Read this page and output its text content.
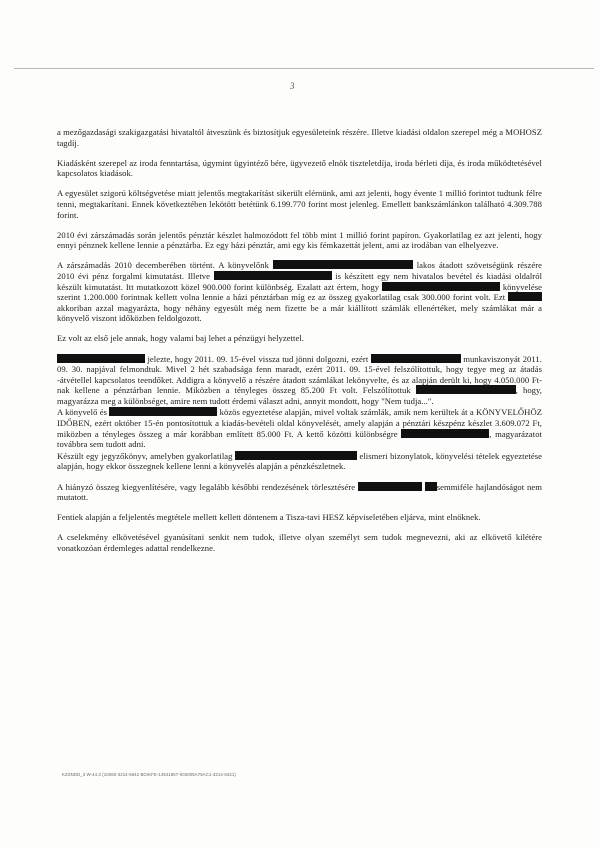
3

a mezőgazdasági szakigazgatási hivataltól átveszünk és biztosítjuk egyesületeink részére. Illetve kiadási oldalon szerepel még a MOHOSZ tagdíj.

Kiadásként szerepel az iroda fenntartása, úgymint ügyintéző bére, ügyvezető elnök tiszteletdíja, iroda bérleti díja, és iroda működtetésével kapcsolatos kiadások.

A egyesület szigorú költségvetése miatt jelentős megtakarítást sikerült elérnünk, ami azt jelenti, hogy évente 1 millió forintot tudtunk félre tenni, megtakarítani. Ennek következtében lekötött betétünk 6.199.770 forint most jelenleg. Emellett bankszámlánkon található 4.309.788 forint.

2010 évi zárszámadás során jelentős pénztár készlet halmozódott fel több mint 1 millió forint papíron. Gyakorlatilag ez azt jelenti, hogy ennyi pénznek kellene lennie a pénztárba. Ez egy házi pénztár, ami egy kis fémkazettát jelent, ami az irodában van elhelyezve.

A zárszámadás 2010 decemberében történt. A könyvelőnk	lakos átadott szövetségünk részére 2010 évi pénz forgalmi kimutatást. Illetve	is készített egy nem hivatalos bevétel és kiadási oldalról készült kimutatást. Itt mutatkozott közel 900.000 forint különbség. Ezalatt azt értem, hogy	könyvelése szerint 1.200.000 forintnak kellett volna lennie a házi pénztárban míg ez az összeg gyakorlatilag csak 300.000 forint volt. Ezt  akkoriban azzal magyarázta, hogy néhány egyesült még nem fizette be a már kiállított számlák ellenértéket, mely számlákat már a könyvelő viszont időközben feldolgozott.

Ez volt az első jele annak, hogy valami baj lehet a pénzügyi helyzettel.

jelezte, hogy 2011. 09. 15-ével vissza tud jönni dolgozni, ezért	munkaviszonyát 2011. 09. 30. napjával felmondtuk. Mivel 2 hét szabadsága fenn maradt, ezért 2011. 09. 15-ével felszólítottuk, hogy tegye meg az átadás -átvétellel kapcsolatos teendőket. Addigra a könyvelő a részére átadott számlákat lekönyvelte, és az alapján derült ki, hogy 4.050.000 Ft-nak kellene a pénztárban lennie. Miközben a tényleges összeg 85.200 Ft volt. Felszólítottuk	, hogy, magyarázza meg a különbséget, amire nem tudott érdemi választ adni, annyit mondott, hogy "Nem tudja...".

A könyvelő és	közös egyeztetése alapján, mivel voltak számlák, amik nem kerültek át a KÖNYVELŐHÖZ IDŐBEN, ezért október 15-én pontosítottuk a kiadás-bevételi oldal könyvelését, amely alapján a pénztári készpénz készlet 3.609.072 Ft, miközben a tényleges összeg a már korábban említett 85.000 Ft. A kettő közötti különbségre	, magyarázatot továbbra sem tudott adni.

Készült egy jegyzőkönyv, amelyben gyakorlatilag	elismeri bizonylatok, könyvelési tételek egyeztetése alapján, hogy ekkor összegnek kellene lenni a könyvelés alapján a pénzkészletnek.

A hiányzó összeg kiegyenlítésére, vagy legalább későbbi rendezésének törlesztésére	semmiféle hajlandóságot nem mutatott.

Fentiek alapján a feljelentés megtétele mellett kellett döntenem a Tisza-tavi HESZ képviseletében eljárva, mint elnöknek.

A cselekmény elkövetésével gyanúsítani senkit nem tudok, illetve olyan személyt sem tudok megnevezni, aki az elkövető kilétére vonatkozóan érdemleges adattal rendelkezne.

KZSNDD_3 W-44.3 (10060-3214-5642 BGIKFE-14541857-003005A75AC1-3214-6321)
